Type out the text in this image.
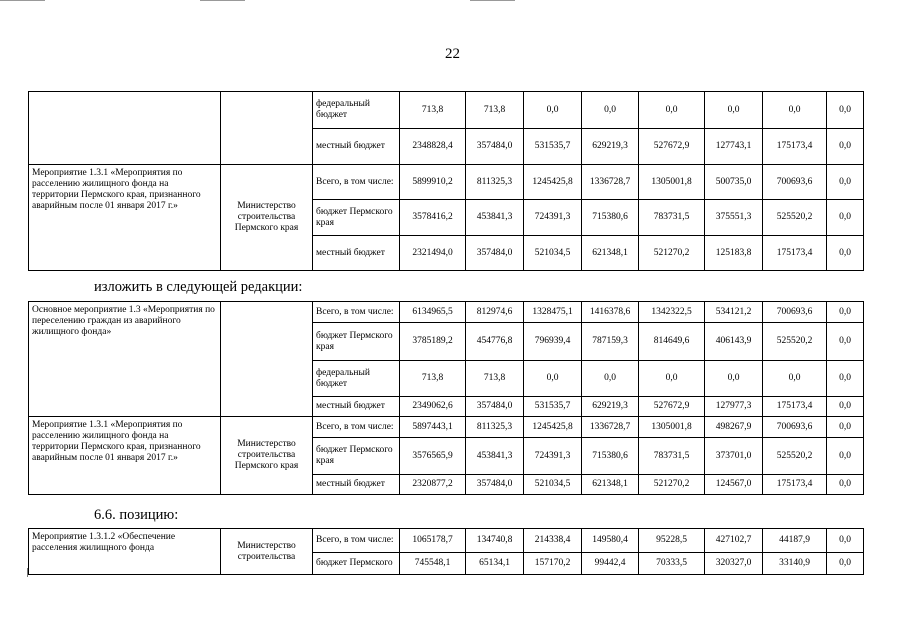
22
		федеральный бюджет	713,8	713,8	0,0	0,0	0,0	0,0	0,0	0,0
		местный бюджет	2348828,4	357484,0	531535,7	629219,3	527672,9	127743,1	175173,4	0,0
Мероприятие 1.3.1 «Мероприятия по расселению жилищного фонда на территории Пермского края, признанного аварийным после 01 января 2017 г.»	Министерство строительства Пермского края	Всего, в том числе:	5899910,2	811325,3	1245425,8	1336728,7	1305001,8	500735,0	700693,6	0,0
		бюджет Пермского края	3578416,2	453841,3	724391,3	715380,6	783731,5	375551,3	525520,2	0,0
		местный бюджет	2321494,0	357484,0	521034,5	621348,1	521270,2	125183,8	175173,4	0,0
изложить в следующей редакции:
Основное мероприятие 1.3 «Мероприятия по переселению граждан из аварийного жилищного фонда»		Всего, в том числе:	6134965,5	812974,6	1328475,1	1416378,6	1342322,5	534121,2	700693,6	0,0
		бюджет Пермского края	3785189,2	454776,8	796939,4	787159,3	814649,6	406143,9	525520,2	0,0
		федеральный бюджет	713,8	713,8	0,0	0,0	0,0	0,0	0,0	0,0
		местный бюджет	2349062,6	357484,0	531535,7	629219,3	527672,9	127977,3	175173,4	0,0
Мероприятие 1.3.1 «Мероприятия по расселению жилищного фонда на территории Пермского края, признанного аварийным после 01 января 2017 г.»	Министерство строительства Пермского края	Всего, в том числе:	5897443,1	811325,3	1245425,8	1336728,7	1305001,8	498267,9	700693,6	0,0
		бюджет Пермского края	3576565,9	453841,3	724391,3	715380,6	783731,5	373701,0	525520,2	0,0
		местный бюджет	2320877,2	357484,0	521034,5	621348,1	521270,2	124567,0	175173,4	0,0
6.6. позицию:
Мероприятие 1.3.1.2 «Обеспечение расселения жилищного фонда	Министерство строительства	Всего, в том числе:	1065178,7	134740,8	214338,4	149580,4	95228,5	427102,7	44187,9	0,0
		бюджет Пермского	745548,1	65134,1	157170,2	99442,4	70333,5	320327,0	33140,9	0,0
